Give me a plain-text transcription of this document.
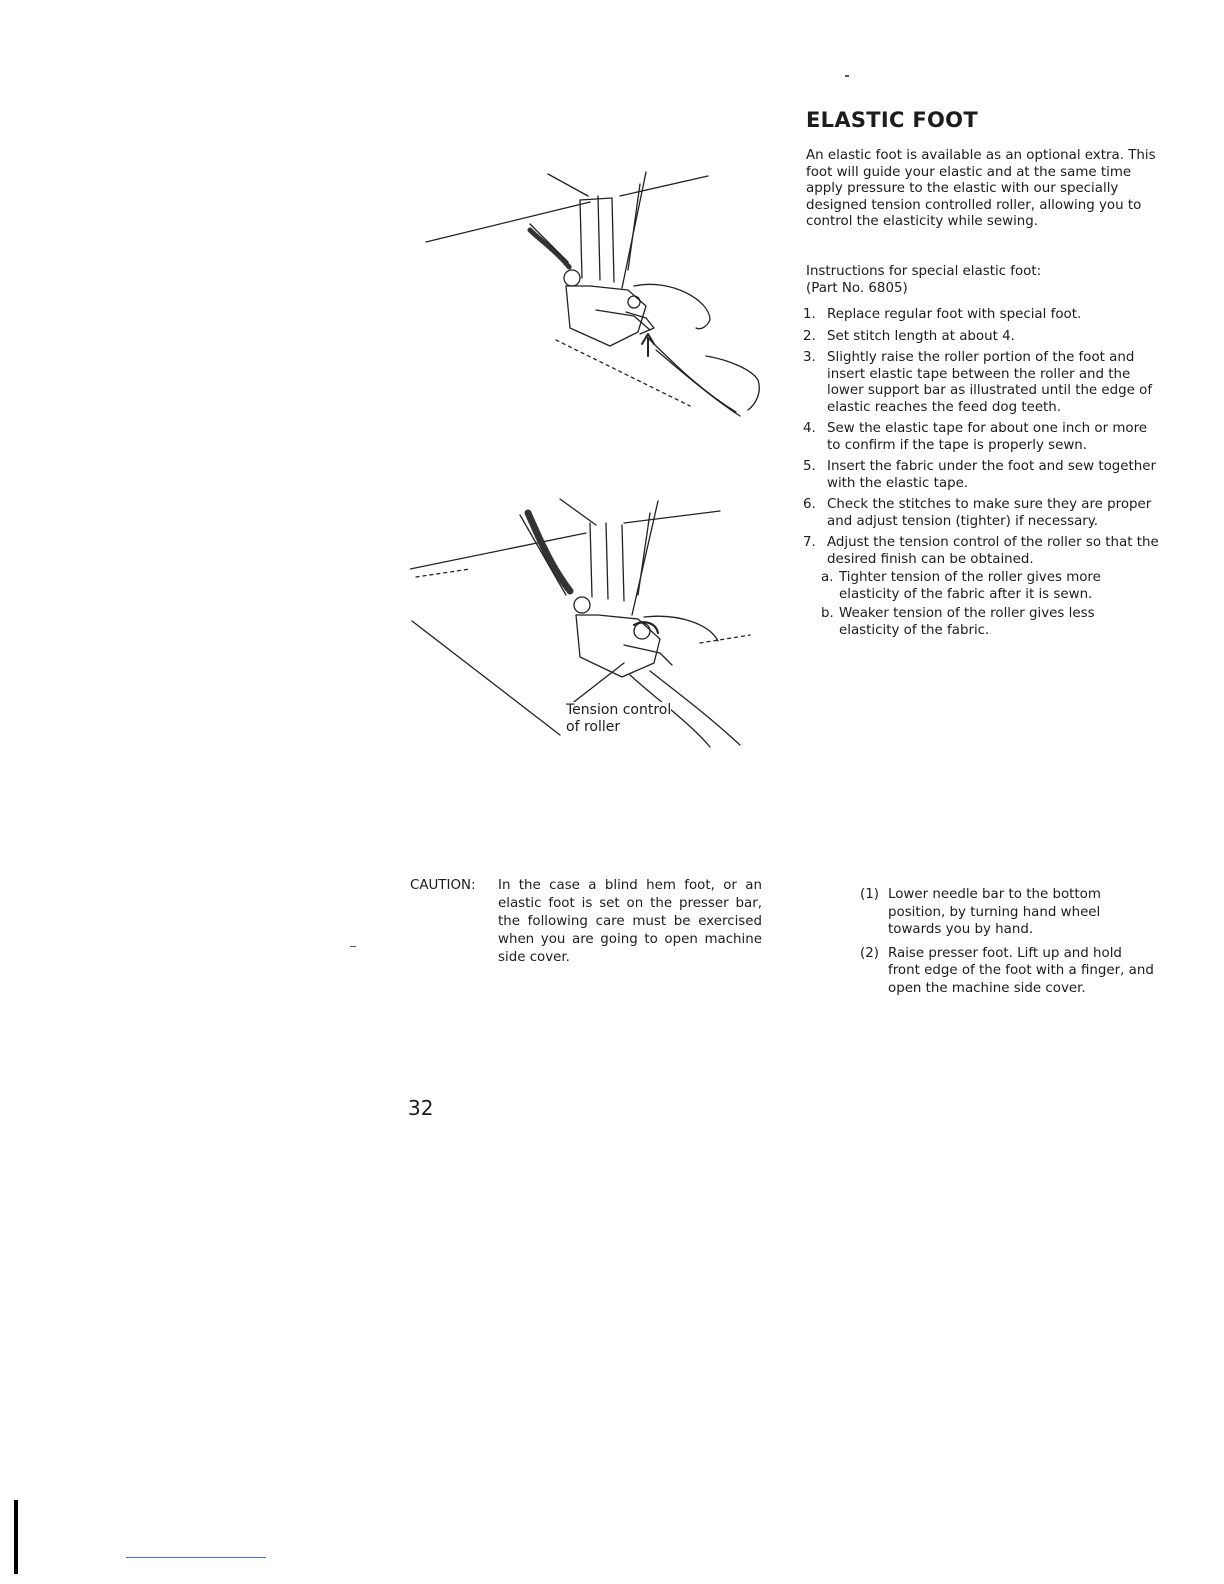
ELASTIC FOOT
An elastic foot is available as an optional extra. This foot will guide your elastic and at the same time apply pressure to the elastic with our specially designed tension controlled roller, allowing you to control the elasticity while sewing.
Instructions for special elastic foot:
(Part No. 6805)
1. Replace regular foot with special foot.
2. Set stitch length at about 4.
3. Slightly raise the roller portion of the foot and insert elastic tape between the roller and the lower support bar as illustrated until the edge of elastic reaches the feed dog teeth.
4. Sew the elastic tape for about one inch or more to confirm if the tape is properly sewn.
5. Insert the fabric under the foot and sew together with the elastic tape.
6. Check the stitches to make sure they are proper and adjust tension (tighter) if necessary.
7. Adjust the tension control of the roller so that the desired finish can be obtained.
a. Tighter tension of the roller gives more elasticity of the fabric after it is sewn.
b. Weaker tension of the roller gives less elasticity of the fabric.
Tension control
of roller
CAUTION:	In the case a blind hem foot, or an elastic foot is set on the presser bar, the following care must be exercised when you are going to open machine side cover.
(1) Lower needle bar to the bottom position, by turning hand wheel towards you by hand.
(2) Raise presser foot. Lift up and hold front edge of the foot with a finger, and open the machine side cover.
32
